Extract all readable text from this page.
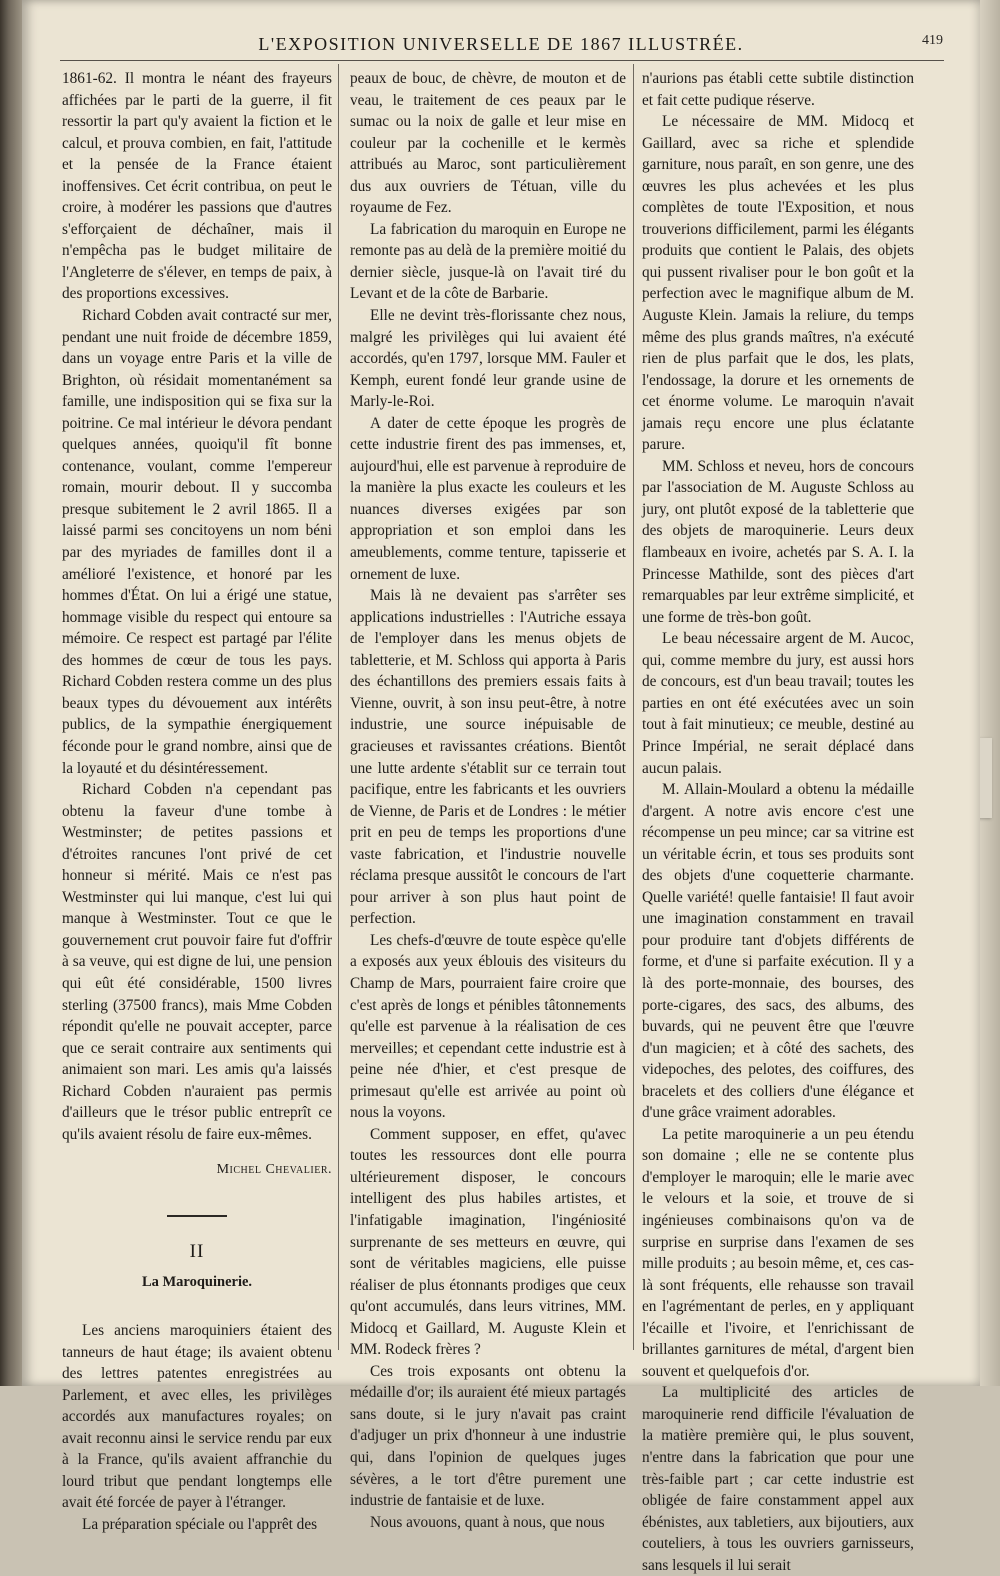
L'EXPOSITION UNIVERSELLE DE 1867 ILLUSTRÉE.	419

1861-62. Il montra le néant des frayeurs affichées par le parti de la guerre, il fit ressortir la part qu'y avaient la fiction et le calcul, et prouva combien, en fait, l'attitude et la pensée de la France étaient inoffensives. Cet écrit contribua, on peut le croire, à modérer les passions que d'autres s'efforçaient de déchaîner, mais il n'empêcha pas le budget militaire de l'Angleterre de s'élever, en temps de paix, à des proportions excessives.

Richard Cobden avait contracté sur mer, pendant une nuit froide de décembre 1859, dans un voyage entre Paris et la ville de Brighton, où résidait momentanément sa famille, une indisposition qui se fixa sur la poitrine. Ce mal intérieur le dévora pendant quelques années, quoiqu'il fît bonne contenance, voulant, comme l'empereur romain, mourir debout. Il y succomba presque subitement le 2 avril 1865. Il a laissé parmi ses concitoyens un nom béni par des myriades de familles dont il a amélioré l'existence, et honoré par les hommes d'État. On lui a érigé une statue, hommage visible du respect qui entoure sa mémoire. Ce respect est partagé par l'élite des hommes de cœur de tous les pays. Richard Cobden restera comme un des plus beaux types du dévouement aux intérêts publics, de la sympathie énergiquement féconde pour le grand nombre, ainsi que de la loyauté et du désintéressement.

Richard Cobden n'a cependant pas obtenu la faveur d'une tombe à Westminster; de petites passions et d'étroites rancunes l'ont privé de cet honneur si mérité. Mais ce n'est pas Westminster qui lui manque, c'est lui qui manque à Westminster. Tout ce que le gouvernement crut pouvoir faire fut d'offrir à sa veuve, qui est digne de lui, une pension qui eût été considérable, 1500 livres sterling (37500 francs), mais Mme Cobden répondit qu'elle ne pouvait accepter, parce que ce serait contraire aux sentiments qui animaient son mari. Les amis qu'a laissés Richard Cobden n'auraient pas permis d'ailleurs que le trésor public entreprît ce qu'ils avaient résolu de faire eux-mêmes.

Michel Chevalier.
II
La Maroquinerie.

Les anciens maroquiniers étaient des tanneurs de haut étage; ils avaient obtenu des lettres patentes enregistrées au Parlement, et avec elles, les privilèges accordés aux manufactures royales; on avait reconnu ainsi le service rendu par eux à la France, qu'ils avaient affranchie du lourd tribut que pendant longtemps elle avait été forcée de payer à l'étranger.

La préparation spéciale ou l'apprêt des

peaux de bouc, de chèvre, de mouton et de veau, le traitement de ces peaux par le sumac ou la noix de galle et leur mise en couleur par la cochenille et le kermès attribués au Maroc, sont particulièrement dus aux ouvriers de Tétuan, ville du royaume de Fez.

La fabrication du maroquin en Europe ne remonte pas au delà de la première moitié du dernier siècle, jusque-là on l'avait tiré du Levant et de la côte de Barbarie.

Elle ne devint très-florissante chez nous, malgré les privilèges qui lui avaient été accordés, qu'en 1797, lorsque MM. Fauler et Kemph, eurent fondé leur grande usine de Marly-le-Roi.

A dater de cette époque les progrès de cette industrie firent des pas immenses, et, aujourd'hui, elle est parvenue à reproduire de la manière la plus exacte les couleurs et les nuances diverses exigées par son appropriation et son emploi dans les ameublements, comme tenture, tapisserie et ornement de luxe.

Mais là ne devaient pas s'arrêter ses applications industrielles : l'Autriche essaya de l'employer dans les menus objets de tabletterie, et M. Schloss qui apporta à Paris des échantillons des premiers essais faits à Vienne, ouvrit, à son insu peut-être, à notre industrie, une source inépuisable de gracieuses et ravissantes créations. Bientôt une lutte ardente s'établit sur ce terrain tout pacifique, entre les fabricants et les ouvriers de Vienne, de Paris et de Londres : le métier prit en peu de temps les proportions d'une vaste fabrication, et l'industrie nouvelle réclama presque aussitôt le concours de l'art pour arriver à son plus haut point de perfection.

Les chefs-d'œuvre de toute espèce qu'elle a exposés aux yeux éblouis des visiteurs du Champ de Mars, pourraient faire croire que c'est après de longs et pénibles tâtonnements qu'elle est parvenue à la réalisation de ces merveilles; et cependant cette industrie est à peine née d'hier, et c'est presque de primesaut qu'elle est arrivée au point où nous la voyons.

Comment supposer, en effet, qu'avec toutes les ressources dont elle pourra ultérieurement disposer, le concours intelligent des plus habiles artistes, et l'infatigable imagination, l'ingéniosité surprenante de ses metteurs en œuvre, qui sont de véritables magiciens, elle puisse réaliser de plus étonnants prodiges que ceux qu'ont accumulés, dans leurs vitrines, MM. Midocq et Gaillard, M. Auguste Klein et MM. Rodeck frères ?

Ces trois exposants ont obtenu la médaille d'or; ils auraient été mieux partagés sans doute, si le jury n'avait pas craint d'adjuger un prix d'honneur à une industrie qui, dans l'opinion de quelques juges sévères, a le tort d'être purement une industrie de fantaisie et de luxe.

Nous avouons, quant à nous, que nous

n'aurions pas établi cette subtile distinction et fait cette pudique réserve.

Le nécessaire de MM. Midocq et Gaillard, avec sa riche et splendide garniture, nous paraît, en son genre, une des œuvres les plus achevées et les plus complètes de toute l'Exposition, et nous trouverions difficilement, parmi les élégants produits que contient le Palais, des objets qui pussent rivaliser pour le bon goût et la perfection avec le magnifique album de M. Auguste Klein. Jamais la reliure, du temps même des plus grands maîtres, n'a exécuté rien de plus parfait que le dos, les plats, l'endossage, la dorure et les ornements de cet énorme volume. Le maroquin n'avait jamais reçu encore une plus éclatante parure.

MM. Schloss et neveu, hors de concours par l'association de M. Auguste Schloss au jury, ont plutôt exposé de la tabletterie que des objets de maroquinerie. Leurs deux flambeaux en ivoire, achetés par S. A. I. la Princesse Mathilde, sont des pièces d'art remarquables par leur extrême simplicité, et une forme de très-bon goût.

Le beau nécessaire argent de M. Aucoc, qui, comme membre du jury, est aussi hors de concours, est d'un beau travail; toutes les parties en ont été exécutées avec un soin tout à fait minutieux; ce meuble, destiné au Prince Impérial, ne serait déplacé dans aucun palais.

M. Allain-Moulard a obtenu la médaille d'argent. A notre avis encore c'est une récompense un peu mince; car sa vitrine est un véritable écrin, et tous ses produits sont des objets d'une coquetterie charmante. Quelle variété! quelle fantaisie! Il faut avoir une imagination constamment en travail pour produire tant d'objets différents de forme, et d'une si parfaite exécution. Il y a là des porte-monnaie, des bourses, des porte-cigares, des sacs, des albums, des buvards, qui ne peuvent être que l'œuvre d'un magicien; et à côté des sachets, des videpoches, des pelotes, des coiffures, des bracelets et des colliers d'une élégance et d'une grâce vraiment adorables.

La petite maroquinerie a un peu étendu son domaine ; elle ne se contente plus d'employer le maroquin; elle le marie avec le velours et la soie, et trouve de si ingénieuses combinaisons qu'on va de surprise en surprise dans l'examen de ses mille produits ; au besoin même, et, ces cas-là sont fréquents, elle rehausse son travail en l'agrémentant de perles, en y appliquant l'écaille et l'ivoire, et l'enrichissant de brillantes garnitures de métal, d'argent bien souvent et quelquefois d'or.

La multiplicité des articles de maroquinerie rend difficile l'évaluation de la matière première qui, le plus souvent, n'entre dans la fabrication que pour une très-faible part ; car cette industrie est obligée de faire constamment appel aux ébénistes, aux tabletiers, aux bijoutiers, aux couteliers, à tous les ouvriers garnisseurs, sans lesquels il lui serait
